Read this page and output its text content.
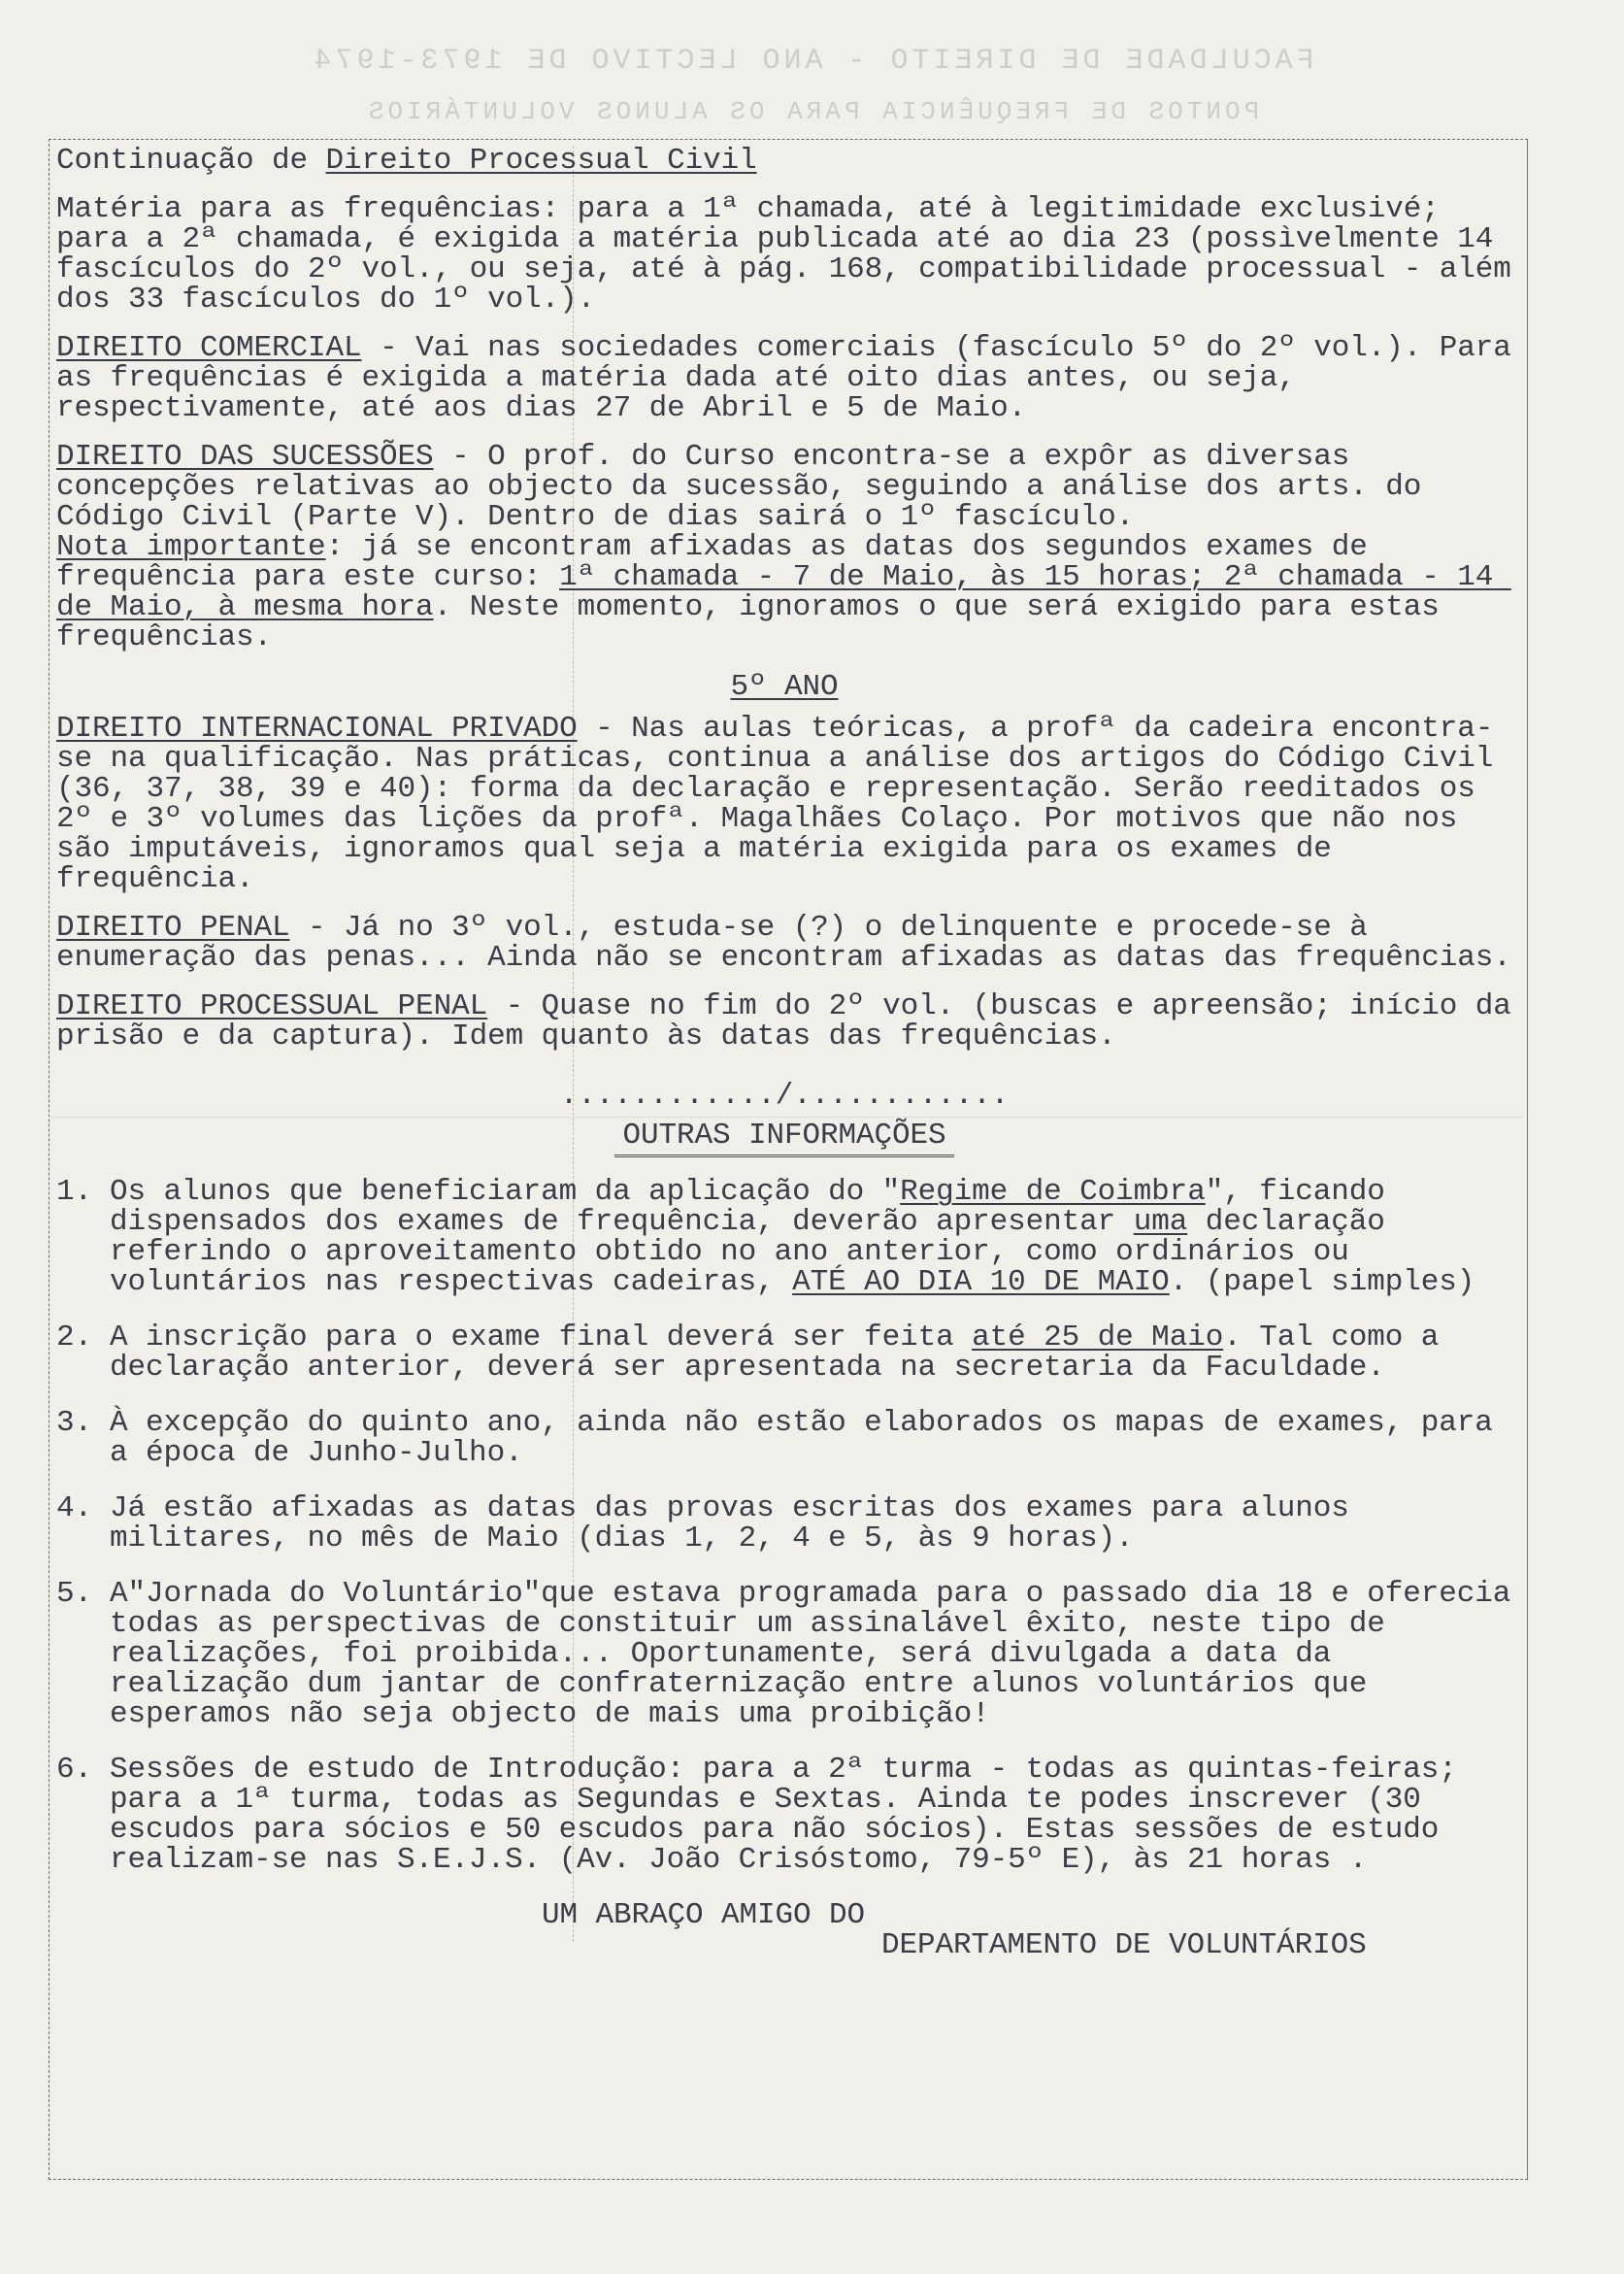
FACULDADE DE DIREITO - ANO LECTIVO DE 1973-1974
PONTOS DE FREQUÊNCIA PARA OS ALUNOS VOLUNTÁRIOS

Continuação de Direito Processual Civil

Matéria para as frequências: para a 1ª chamada, até à legitimidade exclusivé; para a 2ª chamada, é exigida a matéria publicada até ao dia 23 (possìvelmente 14 fascículos do 2º vol., ou seja, até à pág. 168, compatibilidade processual - além dos 33 fascículos do 1º vol.).

DIREITO COMERCIAL - Vai nas sociedades comerciais (fascículo 5º do 2º vol.). Para as frequências é exigida a matéria dada até oito dias antes, ou seja, respectivamente, até aos dias 27 de Abril e 5 de Maio.

DIREITO DAS SUCESSÕES - O prof. do Curso encontra-se a expôr as diversas concepções relativas ao objecto da sucessão, seguindo a análise dos arts. do Código Civil (Parte V). Dentro de dias sairá o 1º fascículo.

Nota importante: já se encontram afixadas as datas dos segundos exames de frequência para este curso: 1ª chamada - 7 de Maio, às 15 horas; 2ª chamada - 14 de Maio, à mesma hora. Neste momento, ignoramos o que será exigido para estas frequências.

5º ANO

DIREITO INTERNACIONAL PRIVADO - Nas aulas teóricas, a profª da cadeira encontra-se na qualificação. Nas práticas, continua a análise dos artigos do Código Civil (36, 37, 38, 39 e 40): forma da declaração e representação. Serão reeditados os 2º e 3º volumes das lições da profª. Magalhães Colaço. Por motivos que não nos são imputáveis, ignoramos qual seja a matéria exigida para os exames de frequência.

DIREITO PENAL - Já no 3º vol., estuda-se (?) o delinquente e procede-se à enumeração das penas... Ainda não se encontram afixadas as datas das frequências.

DIREITO PROCESSUAL PENAL - Quase no fim do 2º vol. (buscas e apreensão; início da prisão e da captura). Idem quanto às datas das frequências.

............/............
OUTRAS INFORMAÇÕES
1. Os alunos que beneficiaram da aplicação do "Regime de Coimbra", ficando dispensados dos exames de frequência, deverão apresentar uma declaração referindo o aproveitamento obtido no ano anterior, como ordinários ou voluntários nas respectivas cadeiras, ATÉ AO DIA 10 DE MAIO. (papel simples)
2. A inscrição para o exame final deverá ser feita até 25 de Maio. Tal como a declaração anterior, deverá ser apresentada na secretaria da Faculdade.
3. À excepção do quinto ano, ainda não estão elaborados os mapas de exames, para a época de Junho-Julho.
4. Já estão afixadas as datas das provas escritas dos exames para alunos militares, no mês de Maio (dias 1, 2, 4 e 5, às 9 horas).
5. A"Jornada do Voluntário"que estava programada para o passado dia 18 e oferecia todas as perspectivas de constituir um assinalável êxito, neste tipo de realizações, foi proibida... Oportunamente, será divulgada a data da realização dum jantar de confraternização entre alunos voluntários que esperamos não seja objecto de mais uma proibição!
6. Sessões de estudo de Introdução: para a 2ª turma - todas as quintas-feiras; para a 1ª turma, todas as Segundas e Sextas. Ainda te podes inscrever (30 escudos para sócios e 50 escudos para não sócios). Estas sessões de estudo realizam-se nas S.E.J.S. (Av. João Crisóstomo, 79-5º E), às 21 horas .
UM ABRAÇO AMIGO DO
DEPARTAMENTO DE VOLUNTÁRIOS
